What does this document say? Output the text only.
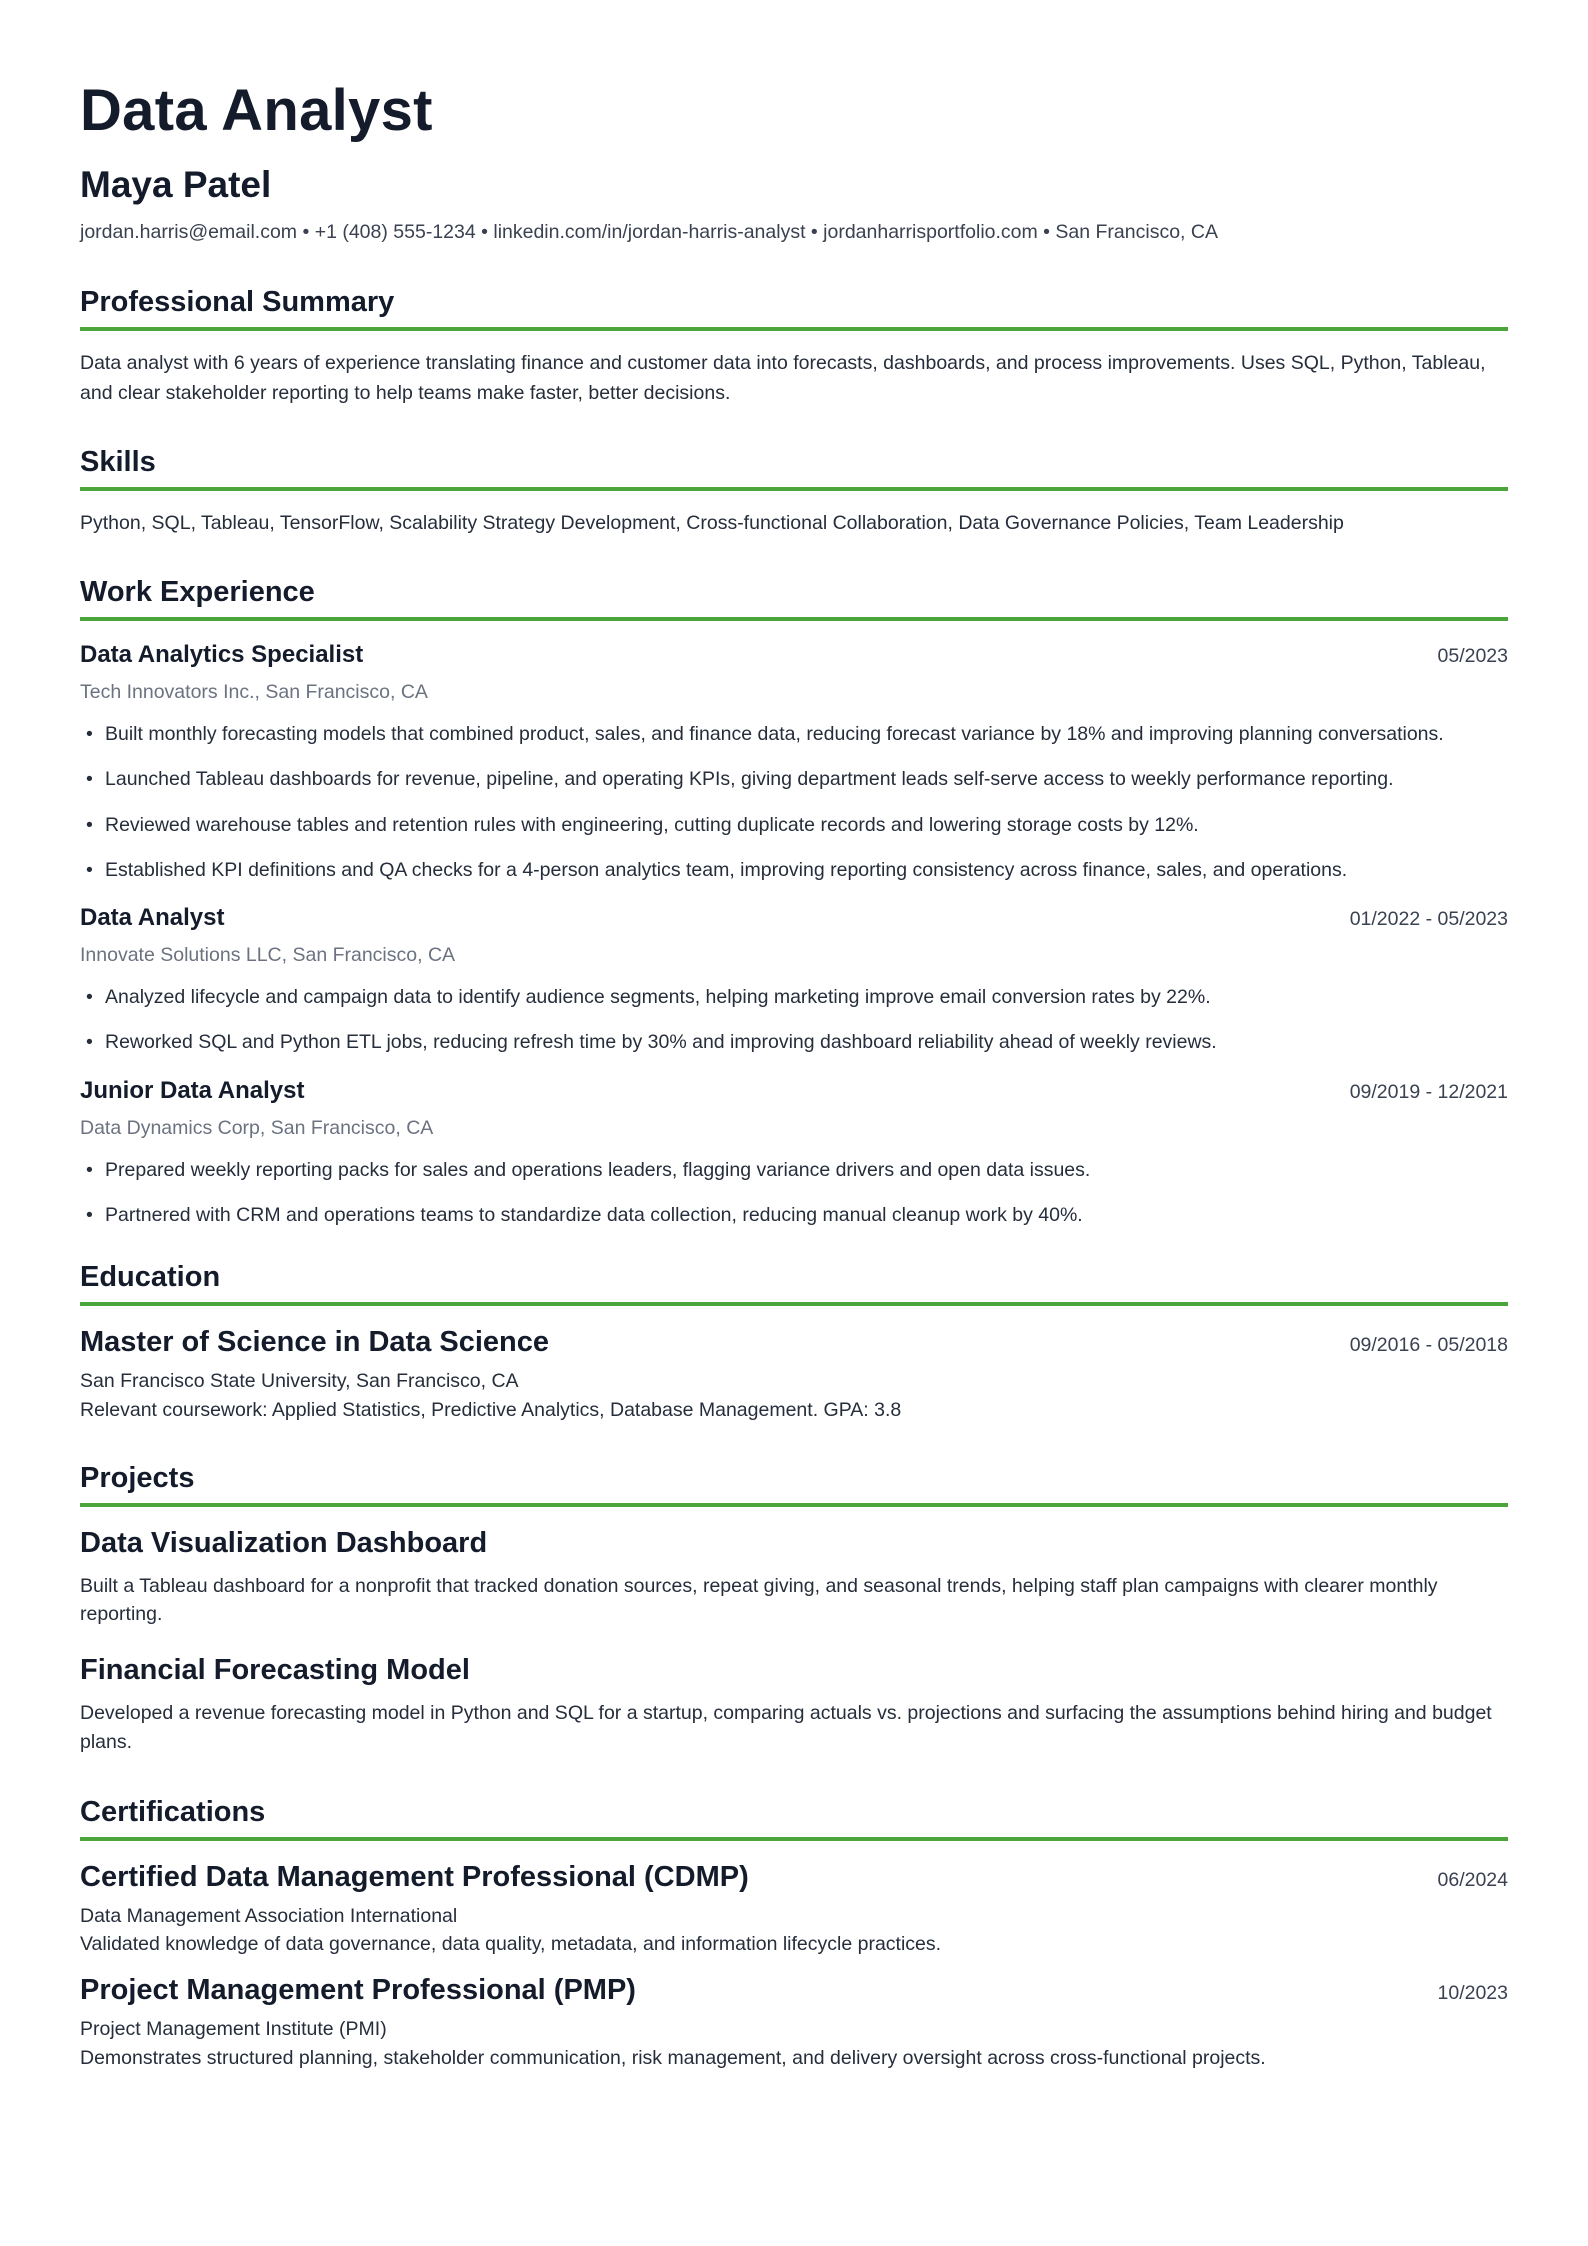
Data Analyst
Maya Patel
jordan.harris@email.com • +1 (408) 555-1234 • linkedin.com/in/jordan-harris-analyst • jordanharrisportfolio.com • San Francisco, CA
Professional Summary

Data analyst with 6 years of experience translating finance and customer data into forecasts, dashboards, and process improvements. Uses SQL, Python, Tableau, and clear stakeholder reporting to help teams make faster, better decisions.

Skills

Python, SQL, Tableau, TensorFlow, Scalability Strategy Development, Cross-functional Collaboration, Data Governance Policies, Team Leadership

Work Experience
Data Analytics Specialist	05/2023
Tech Innovators Inc., San Francisco, CA
• Built monthly forecasting models that combined product, sales, and finance data, reducing forecast variance by 18% and improving planning conversations.
• Launched Tableau dashboards for revenue, pipeline, and operating KPIs, giving department leads self-serve access to weekly performance reporting.
• Reviewed warehouse tables and retention rules with engineering, cutting duplicate records and lowering storage costs by 12%.
• Established KPI definitions and QA checks for a 4-person analytics team, improving reporting consistency across finance, sales, and operations.
Data Analyst	01/2022 - 05/2023
Innovate Solutions LLC, San Francisco, CA
• Analyzed lifecycle and campaign data to identify audience segments, helping marketing improve email conversion rates by 22%.
• Reworked SQL and Python ETL jobs, reducing refresh time by 30% and improving dashboard reliability ahead of weekly reviews.
Junior Data Analyst	09/2019 - 12/2021
Data Dynamics Corp, San Francisco, CA
• Prepared weekly reporting packs for sales and operations leaders, flagging variance drivers and open data issues.
• Partnered with CRM and operations teams to standardize data collection, reducing manual cleanup work by 40%.
Education
Master of Science in Data Science	09/2016 - 05/2018
San Francisco State University, San Francisco, CA
Relevant coursework: Applied Statistics, Predictive Analytics, Database Management. GPA: 3.8
Projects
Data Visualization Dashboard
Built a Tableau dashboard for a nonprofit that tracked donation sources, repeat giving, and seasonal trends, helping staff plan campaigns with clearer monthly reporting.
Financial Forecasting Model
Developed a revenue forecasting model in Python and SQL for a startup, comparing actuals vs. projections and surfacing the assumptions behind hiring and budget plans.
Certifications
Certified Data Management Professional (CDMP)	06/2024
Data Management Association International
Validated knowledge of data governance, data quality, metadata, and information lifecycle practices.
Project Management Professional (PMP)	10/2023
Project Management Institute (PMI)
Demonstrates structured planning, stakeholder communication, risk management, and delivery oversight across cross-functional projects.
